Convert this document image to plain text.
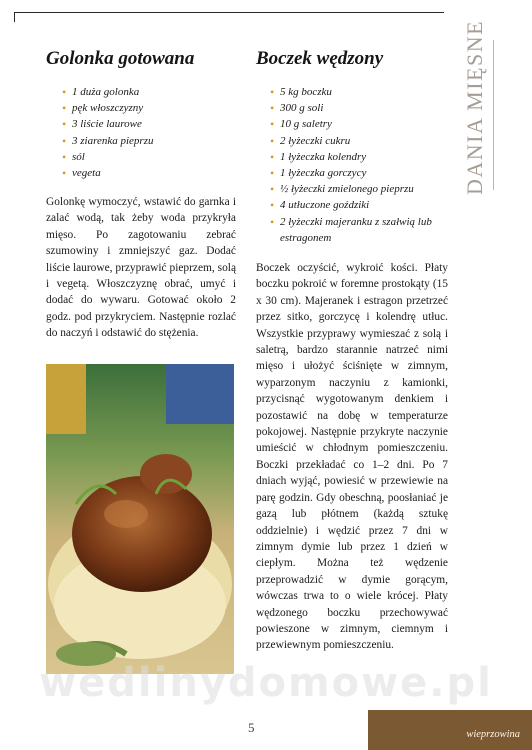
Golonka gotowana
• 1 duża golonka
• pęk włoszczyzny
• 3 liście laurowe
• 3 ziarenka pieprzu
• sól
• vegeta

Golonkę wymoczyć, wstawić do garnka i zalać wodą, tak żeby woda przykryła mięso. Po zagotowaniu zebrać szumowiny i zmniejszyć gaz. Dodać liście laurowe, przyprawić pieprzem, solą i vegetą. Włoszczyznę obrać, umyć i dodać do wywaru. Gotować około 2 godz. pod przykryciem. Następnie rozlać do naczyń i odstawić do stężenia.

Boczek wędzony
• 5 kg boczku
• 300 g soli
• 10 g saletry
• 2 łyżeczki cukru
• 1 łyżeczka kolendry
• 1 łyżeczka gorczycy
• ½ łyżeczki zmielonego pieprzu
• 4 utłuczone goździki
• 2 łyżeczki majeranku z szałwią lub estragonem

Boczek oczyścić, wykroić kości. Płaty boczku pokroić w foremne prostokąty (15 x 30 cm). Majeranek i estragon przetrzeć przez sitko, gorczycę i kolendrę utłuc. Wszystkie przyprawy wymieszać z solą i saletrą, bardzo starannie natrzeć nimi mięso i ułożyć ściśnięte w zimnym, wyparzonym naczyniu z kamionki, przycisnąć wygotowanym denkiem i pozostawić na dobę w temperaturze pokojowej. Następnie przykryte naczynie umieścić w chłodnym pomieszczeniu. Boczki przekładać co 1–2 dni. Po 7 dniach wyjąć, powiesić w przewiewie na parę godzin. Gdy obeschną, poosłaniać je gazą lub płótnem (każdą sztukę oddzielnie) i wędzić przez 7 dni w zimnym dymie lub przez 1 dzień w ciepłym. Można też wędzenie przeprowadzić w dymie gorącym, wówczas trwa to o wiele krócej. Płaty wędzonego boczku przechowywać powieszone w zimnym, ciemnym i przewiewnym pomieszczeniu.

DANIA MIĘSNE
wedlinydomowe.pl
5	wieprzowina
